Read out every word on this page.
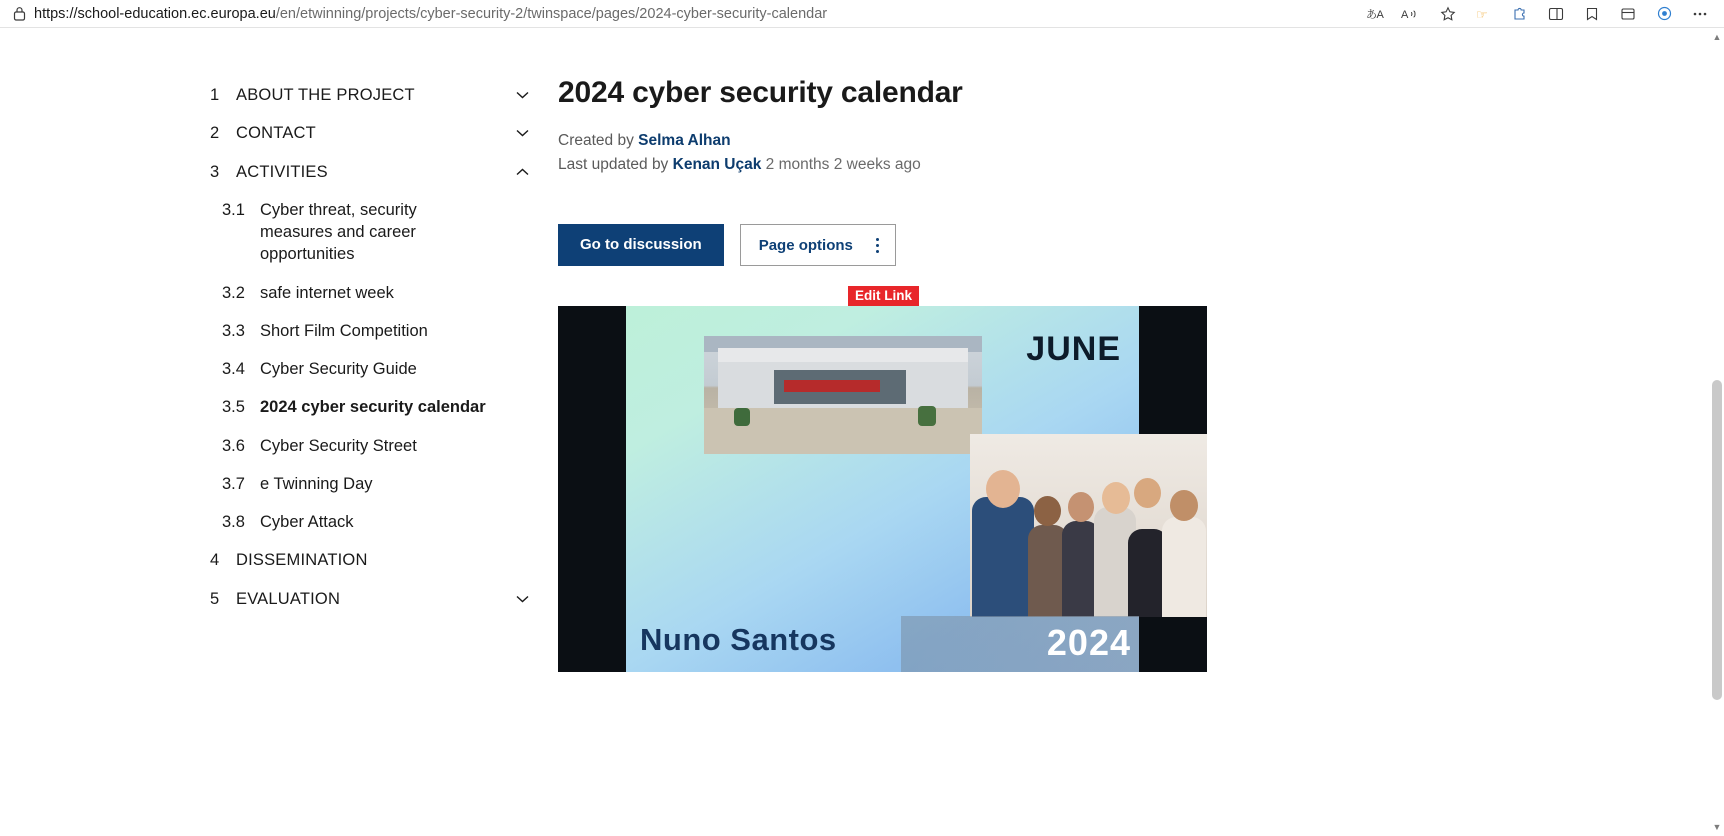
https://school-education.ec.europa.eu/en/etwinning/projects/cyber-security-2/twinspace/pages/2024-cyber-security-calendar	あA A	☞
1	ABOUT THE PROJECT
2	CONTACT
3	ACTIVITIES
3.1 Cyber threat, security measures and career opportunities
3.2 safe internet week
3.3 Short Film Competition
3.4 Cyber Security Guide
3.5 2024 cyber security calendar
3.6 Cyber Security Street
3.7 e Twinning Day
3.8 Cyber Attack
4	DISSEMINATION
5	EVALUATION
2024 cyber security calendar
Created by Selma Alhan
Last updated by Kenan Uçak 2 months 2 weeks ago
Go to discussion	Page options
Edit Link
JUNE
Nuno Santos	2024
▲
▼
